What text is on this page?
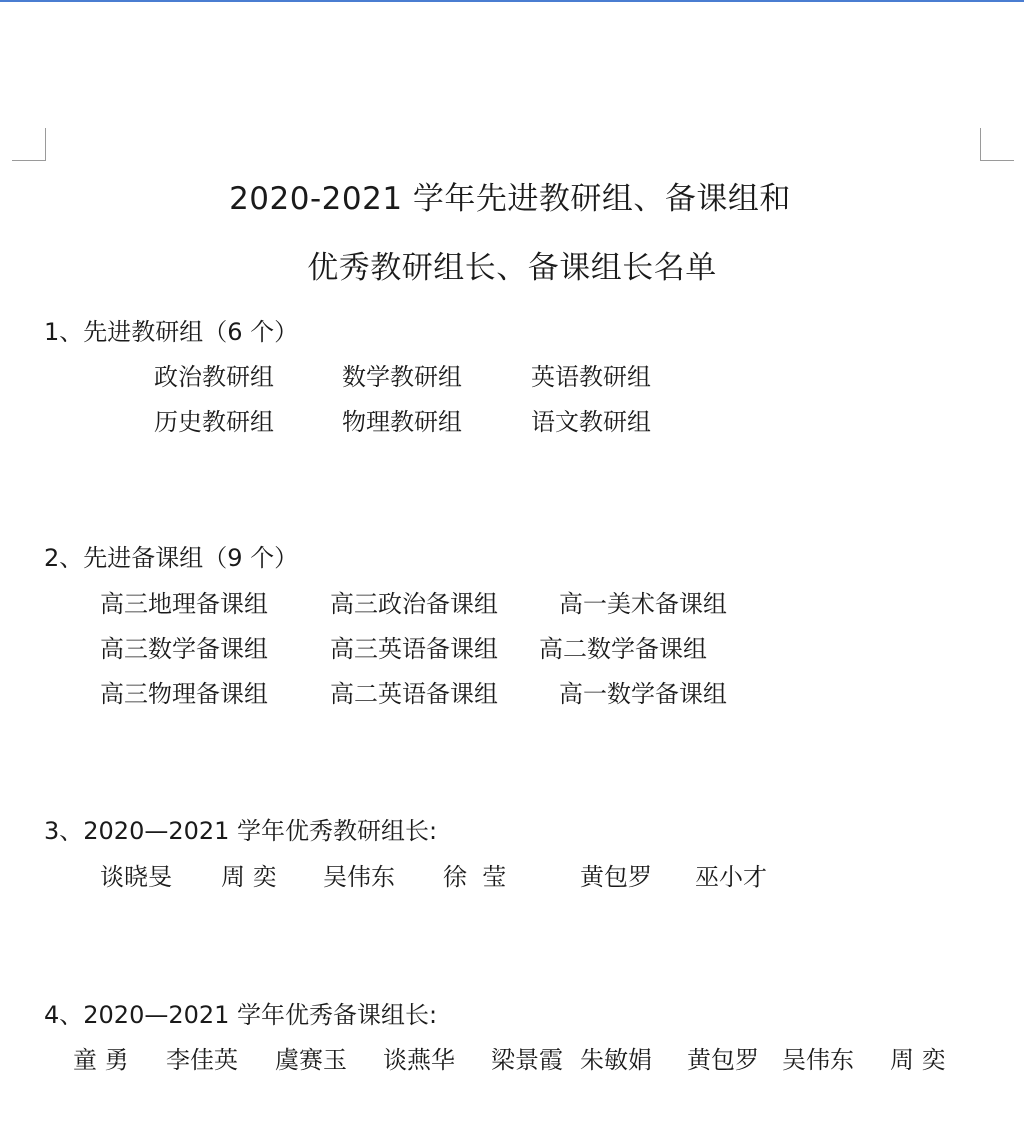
2020-2021 学年先进教研组、备课组和
优秀教研组长、备课组长名单
1、先进教研组（6 个）
政治教研组	数学教研组	英语教研组
历史教研组	物理教研组	语文教研组
2、先进备课组（9 个）
高三地理备课组	高三政治备课组	高一美术备课组
高三数学备课组	高三英语备课组 高二数学备课组
高三物理备课组	高二英语备课组	高一数学备课组
3、2020—2021 学年优秀教研组长:
谈晓旻 周 奕 吴伟东 徐  莹	黄包罗 巫小才
4、2020—2021 学年优秀备课组长:
童 勇 李佳英 虞赛玉 谈燕华 梁景霞 朱敏娟 黄包罗 吴伟东 周 奕
